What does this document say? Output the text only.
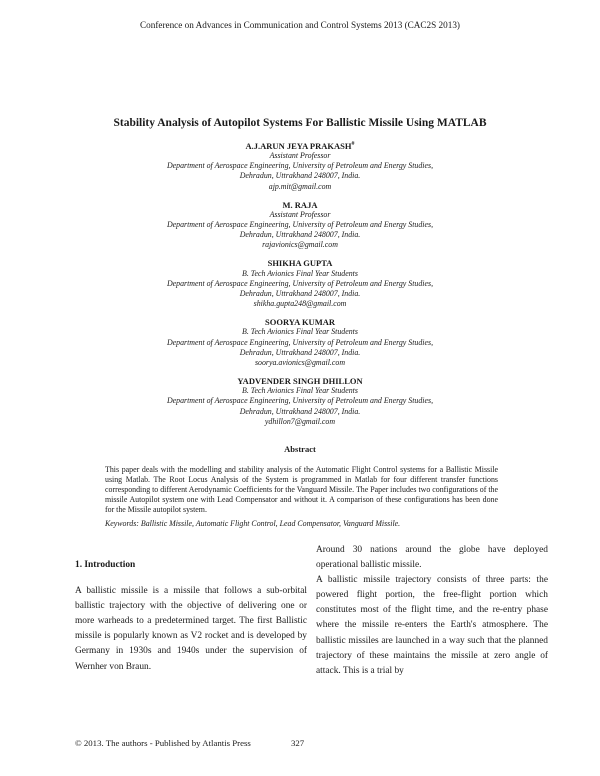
Conference on Advances in Communication and Control Systems 2013 (CAC2S 2013)
Stability Analysis of Autopilot Systems For Ballistic Missile Using MATLAB
A.J.ARUN JEYA PRAKASH#
Assistant Professor
Department of Aerospace Engineering, University of Petroleum and Energy Studies,
Dehradun, Uttrakhand 248007, India.
ajp.mit@gmail.com
M. RAJA
Assistant Professor
Department of Aerospace Engineering, University of Petroleum and Energy Studies,
Dehradun, Uttrakhand 248007, India.
rajavionics@gmail.com
SHIKHA GUPTA
B. Tech Avionics Final Year Students
Department of Aerospace Engineering, University of Petroleum and Energy Studies,
Dehradun, Uttrakhand 248007, India.
shikha.gupta248@gmail.com
SOORYA KUMAR
B. Tech Avionics Final Year Students
Department of Aerospace Engineering, University of Petroleum and Energy Studies,
Dehradun, Uttrakhand 248007, India.
soorya.avionics@gmail.com
YADVENDER SINGH DHILLON
B. Tech Avionics Final Year Students
Department of Aerospace Engineering, University of Petroleum and Energy Studies,
Dehradun, Uttrakhand 248007, India.
ydhillon7@gmail.com
Abstract
This paper deals with the modelling and stability analysis of the Automatic Flight Control systems for a Ballistic Missile using Matlab. The Root Locus Analysis of the System is programmed in Matlab for four different transfer functions corresponding to different Aerodynamic Coefficients for the Vanguard Missile. The Paper includes two configurations of the missile Autopilot system one with Lead Compensator and without it. A comparison of these configurations has been done for the Missile autopilot system.
Keywords: Ballistic Missile, Automatic Flight Control, Lead Compensator, Vanguard Missile.
1. Introduction

A ballistic missile is a missile that follows a sub-orbital ballistic trajectory with the objective of delivering one or more warheads to a predetermined target. The first Ballistic missile is popularly known as V2 rocket and is developed by Germany in 1930s and 1940s under the supervision of Wernher von Braun.

Around 30 nations around the globe have deployed operational ballistic missile.

A ballistic missile trajectory consists of three parts: the powered flight portion, the free-flight portion which constitutes most of the flight time, and the re-entry phase where the missile re-enters the Earth's atmosphere. The ballistic missiles are launched in a way such that the planned trajectory of these maintains the missile at zero angle of attack. This is a trial by

© 2013. The authors - Published by Atlantis Press	327
